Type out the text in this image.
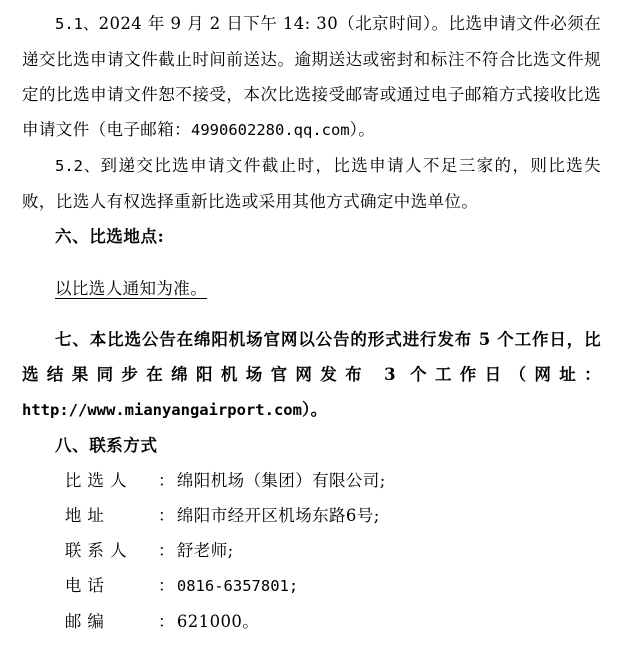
5.1、2024 年 9 月 2 日下午 14: 30（北京时间）。比选申请文件必须在递交比选申请文件截止时间前送达。逾期送达或密封和标注不符合比选文件规定的比选申请文件恕不接受，本次比选接受邮寄或通过电子邮箱方式接收比选申请文件（电子邮箱：4990602280.qq.com）。

5.2、到递交比选申请文件截止时，比选申请人不足三家的，则比选失败，比选人有权选择重新比选或采用其他方式确定中选单位。

六、比选地点:

以比选人通知为准。

七、本比选公告在绵阳机场官网以公告的形式进行发布 5 个工作日，比选结果同步在绵阳机场官网发布 3 个工作日（网址：http://www.mianyangairport.com）。

八、联系方式

比 选 人 ： 绵阳机场（集团）有限公司;
地 址	： 绵阳市经开区机场东路6号;
联 系 人 ： 舒老师;
电 话	： 0816-6357801;
邮 编	： 621000。
